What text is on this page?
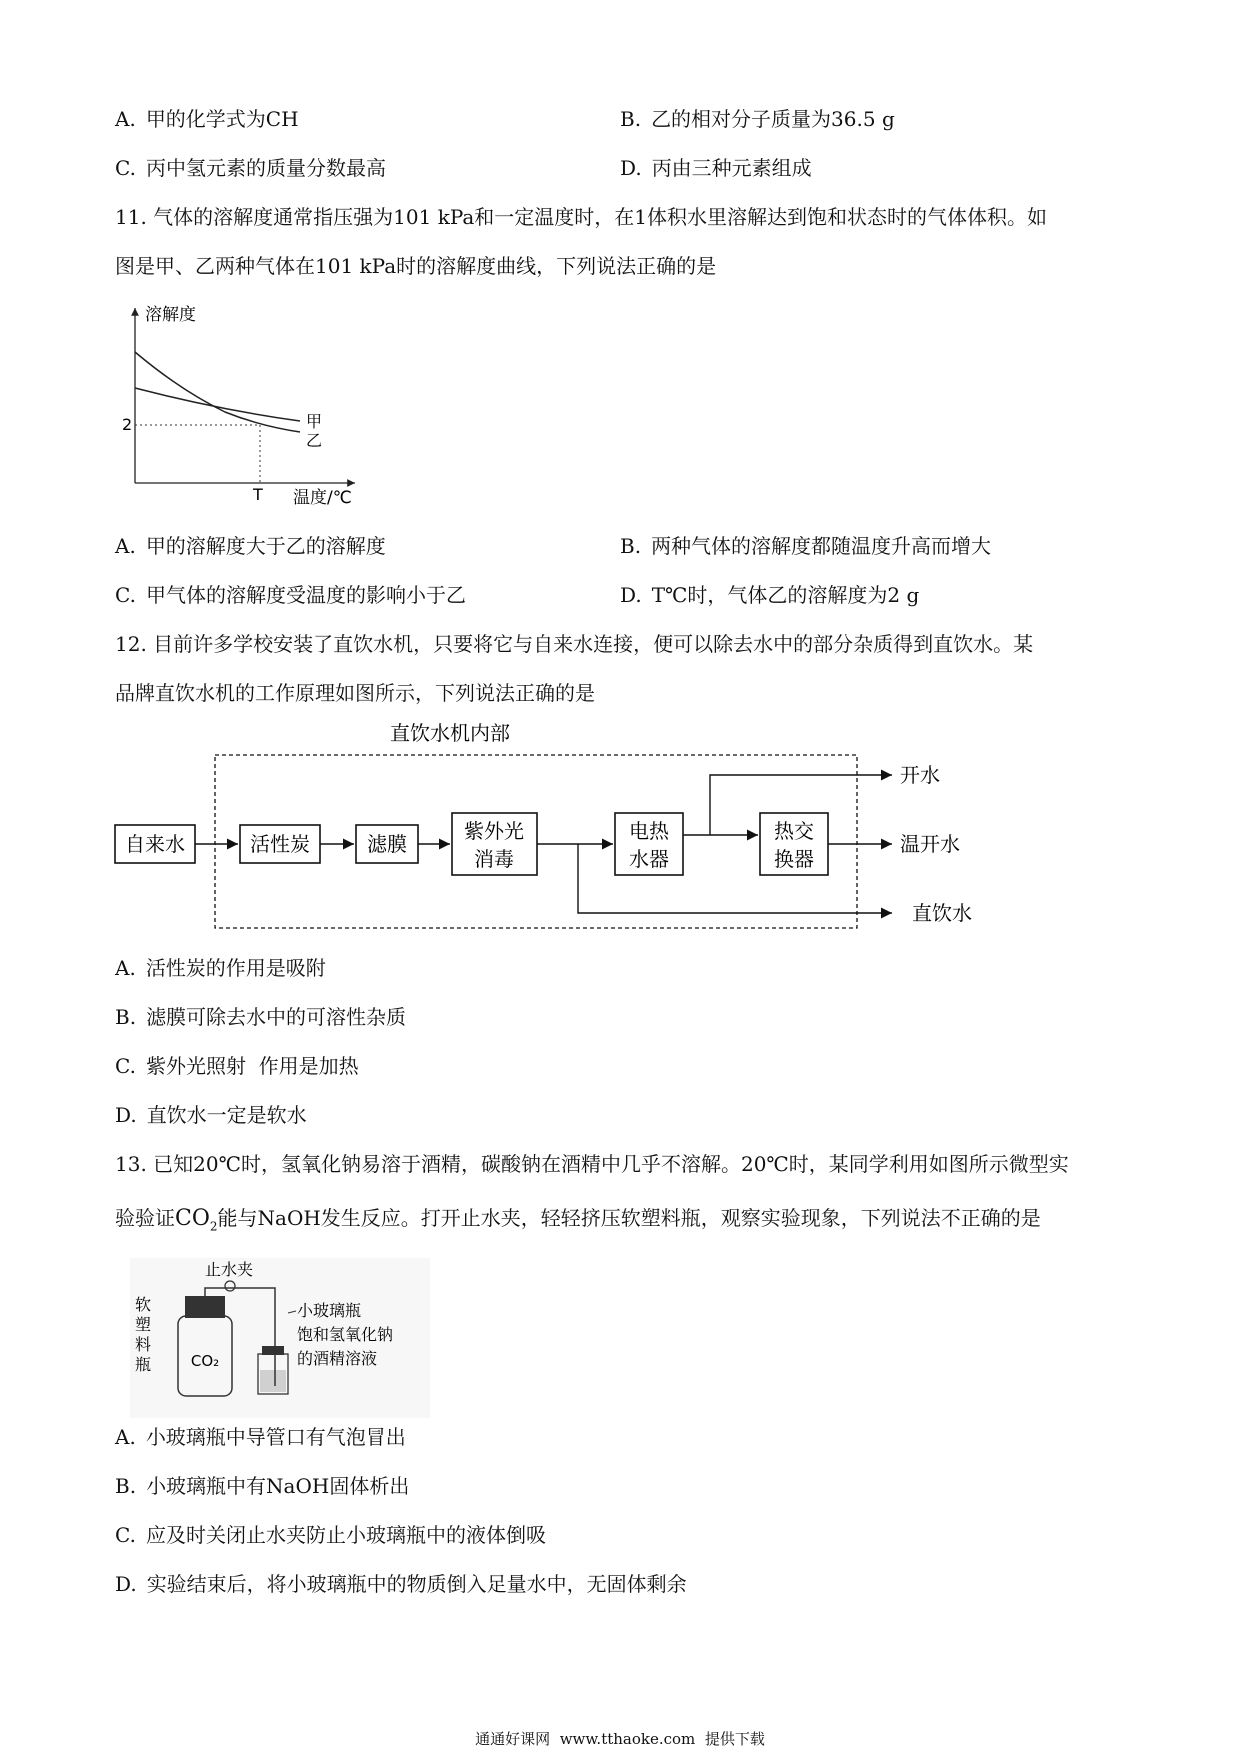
A. 甲的化学式为CH	B. 乙的相对分子质量为36.5 g
C. 丙中氢元素的质量分数最高	D. 丙由三种元素组成
11. 气体的溶解度通常指压强为101 kPa和一定温度时，在1体积水里溶解达到饱和状态时的气体体积。如
图是甲、乙两种气体在101 kPa时的溶解度曲线，下列说法正确的是
溶解度
温度/℃
2
T
甲
乙
A. 甲的溶解度大于乙的溶解度	B. 两种气体的溶解度都随温度升高而增大
C. 甲气体的溶解度受温度的影响小于乙	D. T℃时，气体乙的溶解度为2 g
12. 目前许多学校安装了直饮水机，只要将它与自来水连接，便可以除去水中的部分杂质得到直饮水。某
品牌直饮水机的工作原理如图所示，下列说法正确的是
直饮水机内部
自来水	活性炭	滤膜
紫外光
消毒
电热
水器
热交
换器
开水
温开水
直饮水
A. 活性炭的作用是吸附
B. 滤膜可除去水中的可溶性杂质
C. 紫外光照射  作用是加热
D. 直饮水一定是软水
13. 已知20℃时，氢氧化钠易溶于酒精，碳酸钠在酒精中几乎不溶解。20℃时，某同学利用如图所示微型实
验验证$CO_2$能与NaOH发生反应。打开止水夹，轻轻挤压软塑料瓶，观察实验现象，下列说法不正确的是
止水夹
软
塑
料
瓶	CO₂
小玻璃瓶
饱和氢氧化钠
的酒精溶液
A. 小玻璃瓶中导管口有气泡冒出
B. 小玻璃瓶中有NaOH固体析出
C. 应及时关闭止水夹防止小玻璃瓶中的液体倒吸
D. 实验结束后，将小玻璃瓶中的物质倒入足量水中，无固体剩余
通通好课网  www.tthaoke.com  提供下载
